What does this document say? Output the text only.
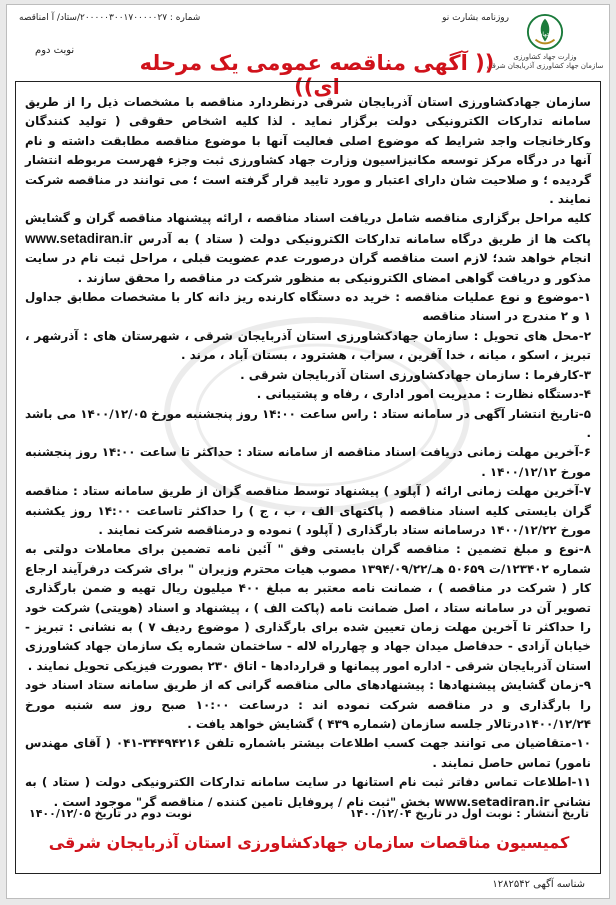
روزنامه بشارت نو
شماره : ۲۰۰۰۰۰۳۰۰۱۷۰۰۰۰۰۲۷/ستاد/ آ امناقصه
نوبت دوم
جهاد
وزارت جهاد کشاورزی
سازمان جهاد کشاورزی آذربایجان شرقی
(( آگهی مناقصه عمومی یک مرحله ای))

سازمان جهادکشاورزی استان آذربایجان شرقی درنظردارد مناقصه با مشخصات ذیل را از طریق سامانه تدارکات الکترونیکی دولت برگزار نماید . لذا کلیه اشخاص حقوقی ( تولید کنندگان وکارخانجات واجد شرایط که موضوع اصلی فعالیت آنها با موضوع مناقصه مطابقت داشته و نام آنها در درگاه مرکز توسعه مکانیزاسیون وزارت جهاد کشاورزی ثبت وجزء فهرست مربوطه انتشار گردیده ؛ و صلاحیت شان دارای اعتبار و مورد تایید قرار گرفته است ؛ می توانند در مناقصه شرکت نمایند .

کلیه مراحل برگزاری مناقصه شامل دریافت اسناد مناقصه ، ارائه پیشنهاد مناقصه گران و گشایش پاکت ها از طریق درگاه سامانه تدارکات الکترونیکی دولت ( ستاد ) به آدرس www.setadiran.ir انجام خواهد شد؛ لازم است مناقصه گران درصورت عدم عضویت قبلی ، مراحل ثبت نام در سایت مذکور و دریافت گواهی امضای الکترونیکی به منظور شرکت در مناقصه را محقق سازند .

۱-موضوع و نوع عملیات مناقصه : خرید ده دستگاه کارنده ریز دانه کار با مشخصات مطابق جداول ۱ و ۲ مندرج در اسناد مناقصه

۲-محل های تحویل : سازمان جهادکشاورزی استان آذربایجان شرقی ، شهرستان های : آذرشهر ، تبریز ، اسکو ، میانه ، خدا آفرین ، سراب ، هشترود ، بستان آباد ، مرند .

۳-کارفرما : سازمان جهادکشاورزی استان آذربایجان شرقی .

۴-دستگاه نظارت : مدیریت امور اداری ، رفاه و پشتیبانی .

۵-تاریخ انتشار آگهی در سامانه ستاد : راس ساعت ۱۴:۰۰ روز پنجشنبه مورخ ۱۴۰۰/۱۲/۰۵ می باشد .

۶-آخرین مهلت زمانی دریافت اسناد مناقصه از سامانه ستاد : حداکثر تا ساعت ۱۴:۰۰ روز پنجشنبه مورخ ۱۴۰۰/۱۲/۱۲ .

۷-آخرین مهلت زمانی ارائه ( آپلود ) پیشنهاد توسط مناقصه گران از طریق سامانه ستاد : مناقصه گران بایستی کلیه اسناد مناقصه ( پاکتهای الف ، ب ، ج ) را حداکثر تاساعت ۱۴:۰۰ روز یکشنبه مورخ ۱۴۰۰/۱۲/۲۲ درسامانه ستاد بارگذاری ( آپلود ) نموده و درمناقصه شرکت نمایند .

۸-نوع و مبلغ تضمین : مناقصه گران بایستی وفق " آئین نامه تضمین برای معاملات دولتی به شماره ۱۲۳۴۰۲/ت ۵۰۶۵۹ هـ/۱۳۹۴/۰۹/۲۲ مصوب هیات محترم وزیران " برای شرکت درفرآیند ارجاع کار ( شرکت در مناقصه ) ، ضمانت نامه معتبر به مبلغ ۴۰۰ میلیون ریال تهیه و ضمن بارگذاری تصویر آن در سامانه ستاد ، اصل ضمانت نامه (پاکت الف ) ، پیشنهاد و اسناد (هویتی) شرکت خود را حداکثر تا آخرین مهلت زمان تعیین شده برای بارگذاری ( موضوع ردیف ۷ ) به نشانی : تبریز - خیابان آزادی - حدفاصل میدان جهاد و چهارراه لاله - ساختمان شماره یک سازمان جهاد کشاورزی استان آذربایجان شرقی - اداره امور پیمانها و قراردادها - اتاق ۲۳۰ بصورت فیزیکی تحویل نمایند .

۹-زمان گشایش پیشنهادها : پیشنهادهای مالی مناقصه گرانی که از طریق سامانه ستاد اسناد خود را بارگذاری و در مناقصه شرکت نموده اند : درساعت ۱۰:۰۰ صبح روز سه شنبه مورخ ۱۴۰۰/۱۲/۲۴درتالار جلسه سازمان (شماره ۴۳۹ ) گشایش خواهد یافت .

۱۰-متقاضیان می توانند جهت کسب اطلاعات بیشتر باشماره تلفن ۳۴۴۹۴۲۱۶-۰۴۱ ( آقای مهندس نامور) تماس حاصل نمایند .

۱۱-اطلاعات تماس دفاتر ثبت نام استانها در سایت سامانه تدارکات الکترونیکی دولت ( ستاد ) به نشانی www.setadiran.ir بخش "ثبت نام / پروفایل تامین کننده / مناقصه گر" موجود است .

تاریخ انتشار : نوبت اول در تاریخ ۱۴۰۰/۱۲/۰۴
نوبت دوم در تاریخ ۱۴۰۰/۱۲/۰۵
کمیسیون مناقصات سازمان جهادکشاورزی استان آذربایجان شرقی
شناسه آگهی ۱۲۸۲۵۴۲
